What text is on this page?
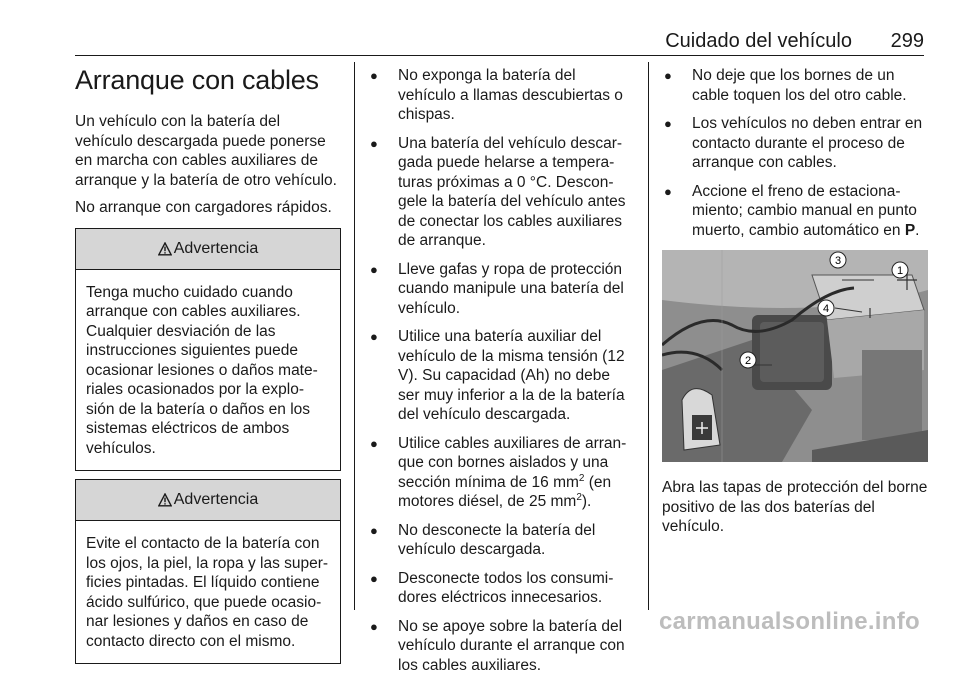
Cuidado del vehículo 299
Arranque con cables

Un vehículo con la batería del vehículo descargada puede ponerse en marcha con cables auxiliares de arranque y la batería de otro vehículo.

No arranque con cargadores rápidos.

Advertencia
Tenga mucho cuidado cuando arranque con cables auxiliares. Cualquier desviación de las instrucciones siguientes puede ocasionar lesiones o daños mate‐riales ocasionados por la explo‐sión de la batería o daños en los sistemas eléctricos de ambos vehículos.
Advertencia
Evite el contacto de la batería con los ojos, la piel, la ropa y las super‐ficies pintadas. El líquido contiene ácido sulfúrico, que puede ocasio‐nar lesiones y daños en caso de contacto directo con el mismo.
● No exponga la batería del vehículo a llamas descubiertas o chispas.
● Una batería del vehículo descar‐gada puede helarse a tempera‐turas próximas a 0 °C. Descon‐gele la batería del vehículo antes de conectar los cables auxiliares de arranque.
● Lleve gafas y ropa de protección cuando manipule una batería del vehículo.
● Utilice una batería auxiliar del vehículo de la misma tensión (12 V). Su capacidad (Ah) no debe ser muy inferior a la de la batería del vehículo descargada.
● Utilice cables auxiliares de arran‐que con bornes aislados y una sección mínima de 16 $mm^2$ (en motores diésel, de 25 $mm^2$).
● No desconecte la batería del vehículo descargada.
● Desconecte todos los consumi‐dores eléctricos innecesarios.
● No se apoye sobre la batería del vehículo durante el arranque con los cables auxiliares.
● No deje que los bornes de un cable toquen los del otro cable.
● Los vehículos no deben entrar en contacto durante el proceso de arranque con cables.
● Accione el freno de estaciona‐miento; cambio manual en punto muerto, cambio automático en P.
1
2
3
4

Abra las tapas de protección del borne positivo de las dos baterías del vehículo.

carmanualsonline.info
